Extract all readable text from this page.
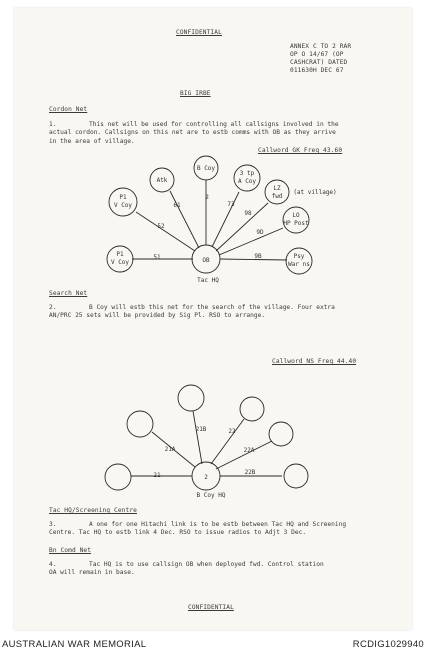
CONFIDENTIAL
ANNEX C TO 2 RAR
OP O 14/67 (OP
CASHCRAT) DATED
011630H DEC 67
BIG IRBE
Cordon Net
1.	This net will be used for controlling all callsigns involved in the
actual cordon. Callsigns on this net are to estb comms with OB as they arrive
in the area of village.
Callword GK Freq 43.60
OB
Tac HQ
P1
V Coy
P1
V Coy
Atk
B Coy
3 tp
A Coy
LZ
fwd
LO
HP Post
Psy
War ns
51
52
61
2
73
98
9D
9B
(at village)
2
B Coy HQ
21
21A
21B	22
22A
22B
Search Net
2.	B Coy will estb this net for the search of the village. Four extra
AN/PRC 25 sets will be provided by Sig Pl. RSO to arrange.
Callword NS Freq 44.40
Tac HQ/Screening Centre
3.	A one for one Hitachi link is to be estb between Tac HQ and Screening
Centre. Tac HQ to estb link 4 Dec. RSO to issue radios to Adjt 3 Dec.
Bn Comd Net
4.	Tac HQ is to use callsign OB when deployed fwd. Control station
OA will remain in base.
CONFIDENTIAL
AUSTRALIAN WAR MEMORIAL	RCDIG1029940
